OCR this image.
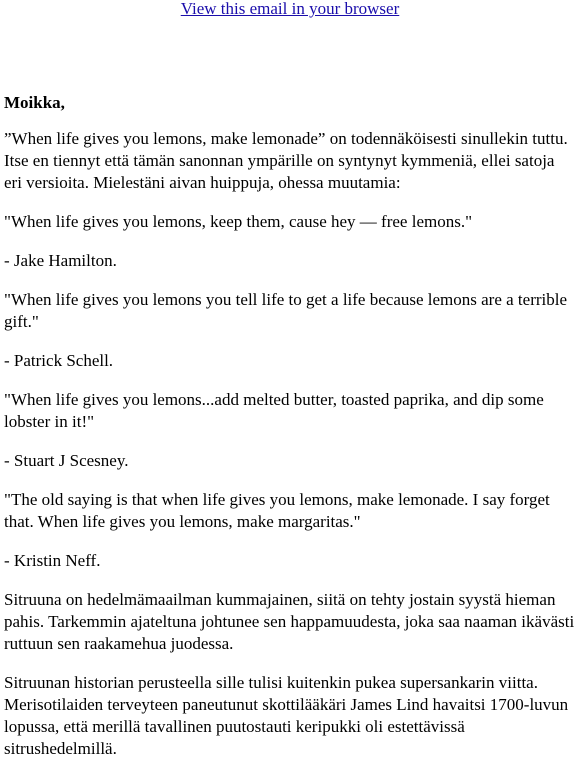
View this email in your browser

Moikka,

”When life gives you lemons, make lemonade” on todennäköisesti sinullekin tuttu. Itse en tiennyt että tämän sanonnan ympärille on syntynyt kymmeniä, ellei satoja eri versioita. Mielestäni aivan huippuja, ohessa muutamia:

"When life gives you lemons, keep them, cause hey — free lemons."

- Jake Hamilton.

"When life gives you lemons you tell life to get a life because lemons are a terrible gift."

- Patrick Schell.

"When life gives you lemons...add melted butter, toasted paprika, and dip some lobster in it!"

- Stuart J Scesney.

"The old saying is that when life gives you lemons, make lemonade. I say forget that. When life gives you lemons, make margaritas."

- Kristin Neff.

Sitruuna on hedelmämaailman kummajainen, siitä on tehty jostain syystä hieman pahis. Tarkemmin ajateltuna johtunee sen happamuudesta, joka saa naaman ikävästi ruttuun sen raakamehua juodessa.

Sitruunan historian perusteella sille tulisi kuitenkin pukea supersankarin viitta. Merisotilaiden terveyteen paneutunut skottilääkäri James Lind havaitsi 1700-luvun lopussa, että merillä tavallinen puutostauti keripukki oli estettävissä sitrushedelmillä.
